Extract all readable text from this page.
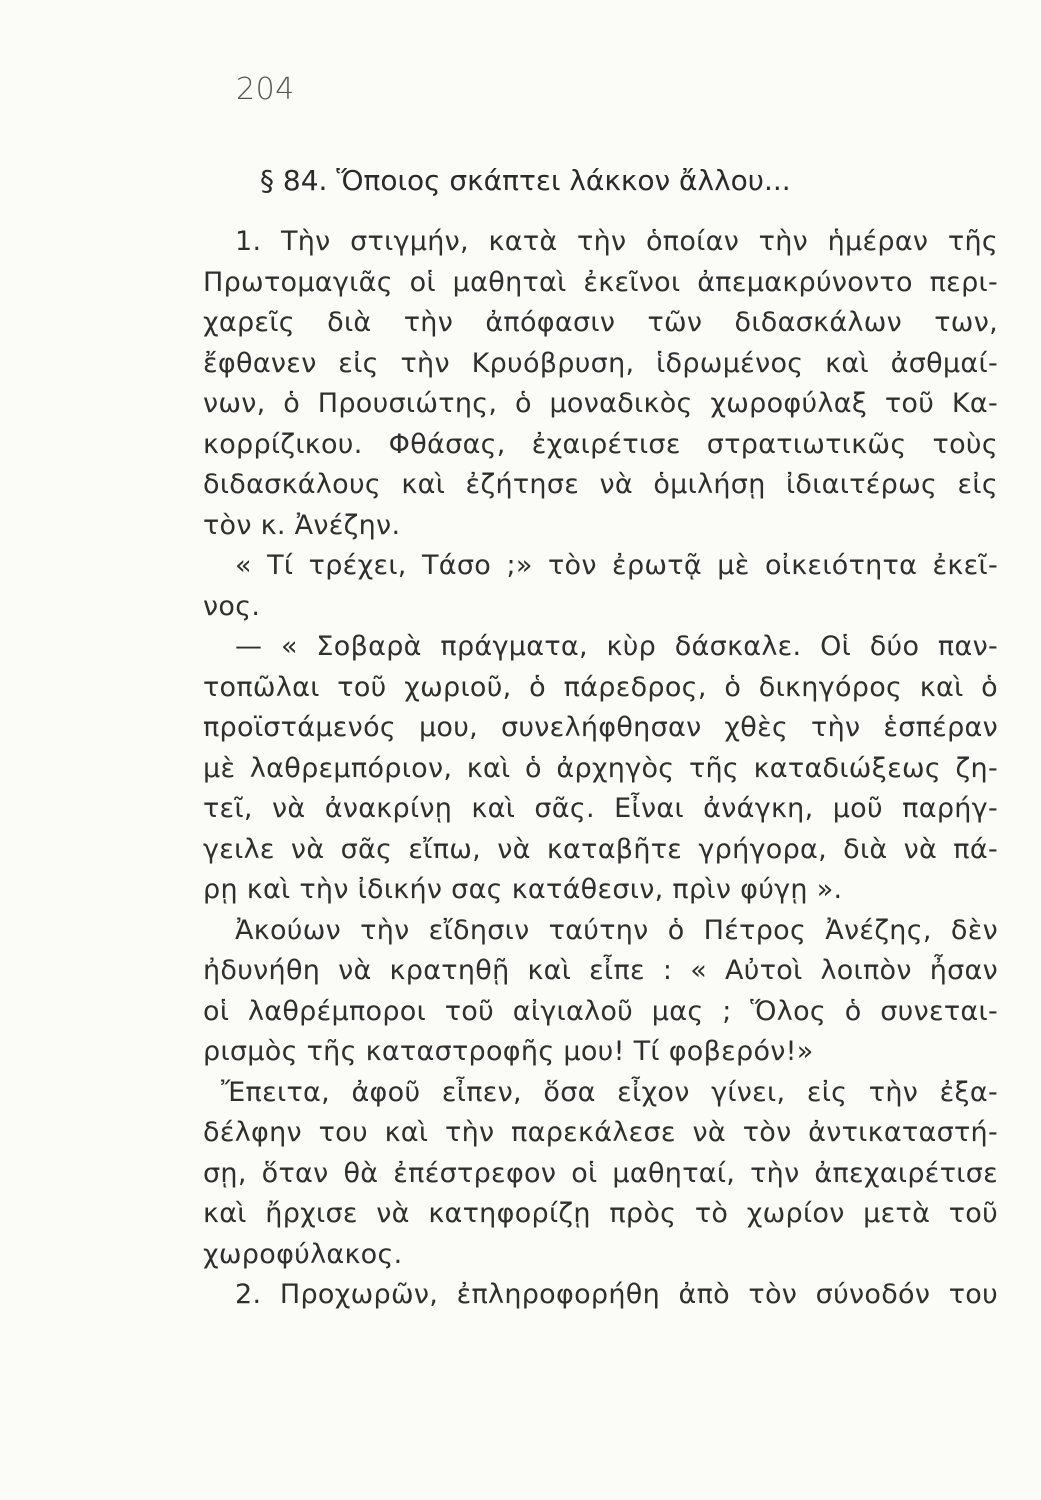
204
§ 84. Ὅποιος σκάπτει λάκκον ἄλλου...
1. Τὴν στιγμήν, κατὰ τὴν ὁποίαν τὴν ἡμέραν τῆς
Πρωτομαγιᾶς οἱ μαθηταὶ ἐκεῖνοι ἀπεμακρύνοντο περι-
χαρεῖς διὰ τὴν ἀπόφασιν τῶν διδασκάλων των,
ἔφθανεν εἰς τὴν Κρυόβρυση, ἱδρωμένος καὶ ἀσθμαί-
νων, ὁ Προυσιώτης, ὁ μοναδικὸς χωροφύλαξ τοῦ Κα-
κορρίζικου. Φθάσας, ἐχαιρέτισε στρατιωτικῶς τοὺς
διδασκάλους καὶ ἐζήτησε νὰ ὁμιλήσῃ ἰδιαιτέρως εἰς
τὸν κ. Ἀνέζην.
« Τί τρέχει, Τάσο ;» τὸν ἐρωτᾷ μὲ οἰκειότητα ἐκεῖ-
νος.
— « Σοβαρὰ πράγματα, κὺρ δάσκαλε. Οἱ δύο παν-
τοπῶλαι τοῦ χωριοῦ, ὁ πάρεδρος, ὁ δικηγόρος καὶ ὁ
προϊστάμενός μου, συνελήφθησαν χθὲς τὴν ἑσπέραν
μὲ λαθρεμπόριον, καὶ ὁ ἀρχηγὸς τῆς καταδιώξεως ζη-
τεῖ, νὰ ἀνακρίνῃ καὶ σᾶς. Εἶναι ἀνάγκη, μοῦ παρήγ-
γειλε νὰ σᾶς εἴπω, νὰ καταβῆτε γρήγορα, διὰ νὰ πά-
ρῃ καὶ τὴν ἰδικήν σας κατάθεσιν, πρὶν φύγῃ ».
Ἀκούων τὴν εἴδησιν ταύτην ὁ Πέτρος Ἀνέζης, δὲν
ἠδυνήθη νὰ κρατηθῇ καὶ εἶπε : « Αὐτοὶ λοιπὸν ἦσαν
οἱ λαθρέμποροι τοῦ αἰγιαλοῦ μας ; Ὅλος ὁ συνεται-
ρισμὸς τῆς καταστροφῆς μου! Τί φοβερόν!»
Ἔπειτα, ἀφοῦ εἶπεν, ὅσα εἶχον γίνει, εἰς τὴν ἐξα-
δέλφην του καὶ τὴν παρεκάλεσε νὰ τὸν ἀντικαταστή-
σῃ, ὅταν θὰ ἐπέστρεφον οἱ μαθηταί, τὴν ἀπεχαιρέτισε
καὶ ἤρχισε νὰ κατηφορίζῃ πρὸς τὸ χωρίον μετὰ τοῦ
χωροφύλακος.
2. Προχωρῶν, ἐπληροφορήθη ἀπὸ τὸν σύνοδόν του
